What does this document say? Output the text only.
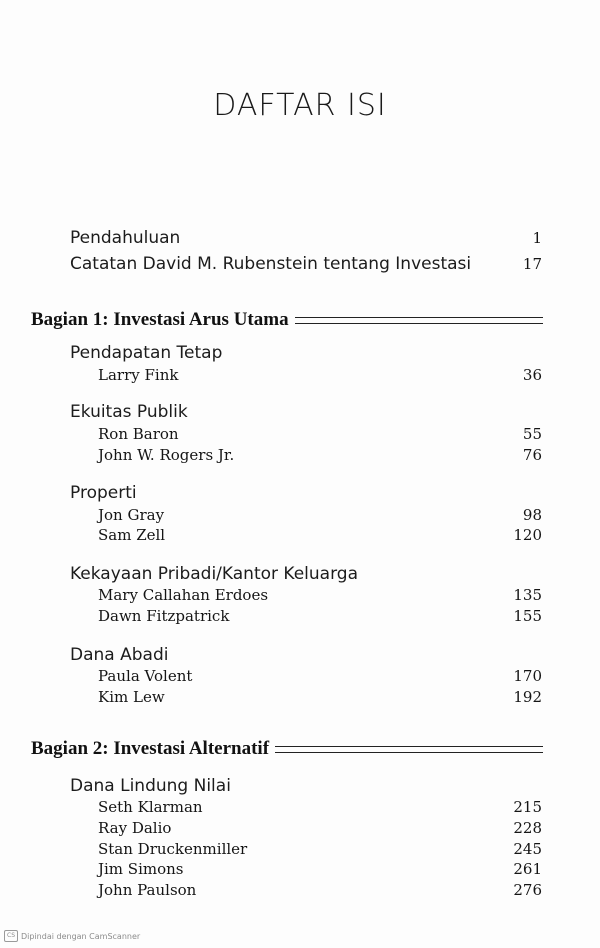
DAFTAR ISI
Pendahuluan	1
Catatan David M. Rubenstein tentang Investasi	17
Bagian 1: Investasi Arus Utama
Pendapatan Tetap
Larry Fink	36
Ekuitas Publik
Ron Baron	55
John W. Rogers Jr.	76
Properti
Jon Gray	98
Sam Zell	120
Kekayaan Pribadi/Kantor Keluarga
Mary Callahan Erdoes	135
Dawn Fitzpatrick	155
Dana Abadi
Paula Volent	170
Kim Lew	192
Bagian 2: Investasi Alternatif
Dana Lindung Nilai
Seth Klarman	215
Ray Dalio	228
Stan Druckenmiller	245
Jim Simons	261
John Paulson	276
CS Dipindai dengan CamScanner
